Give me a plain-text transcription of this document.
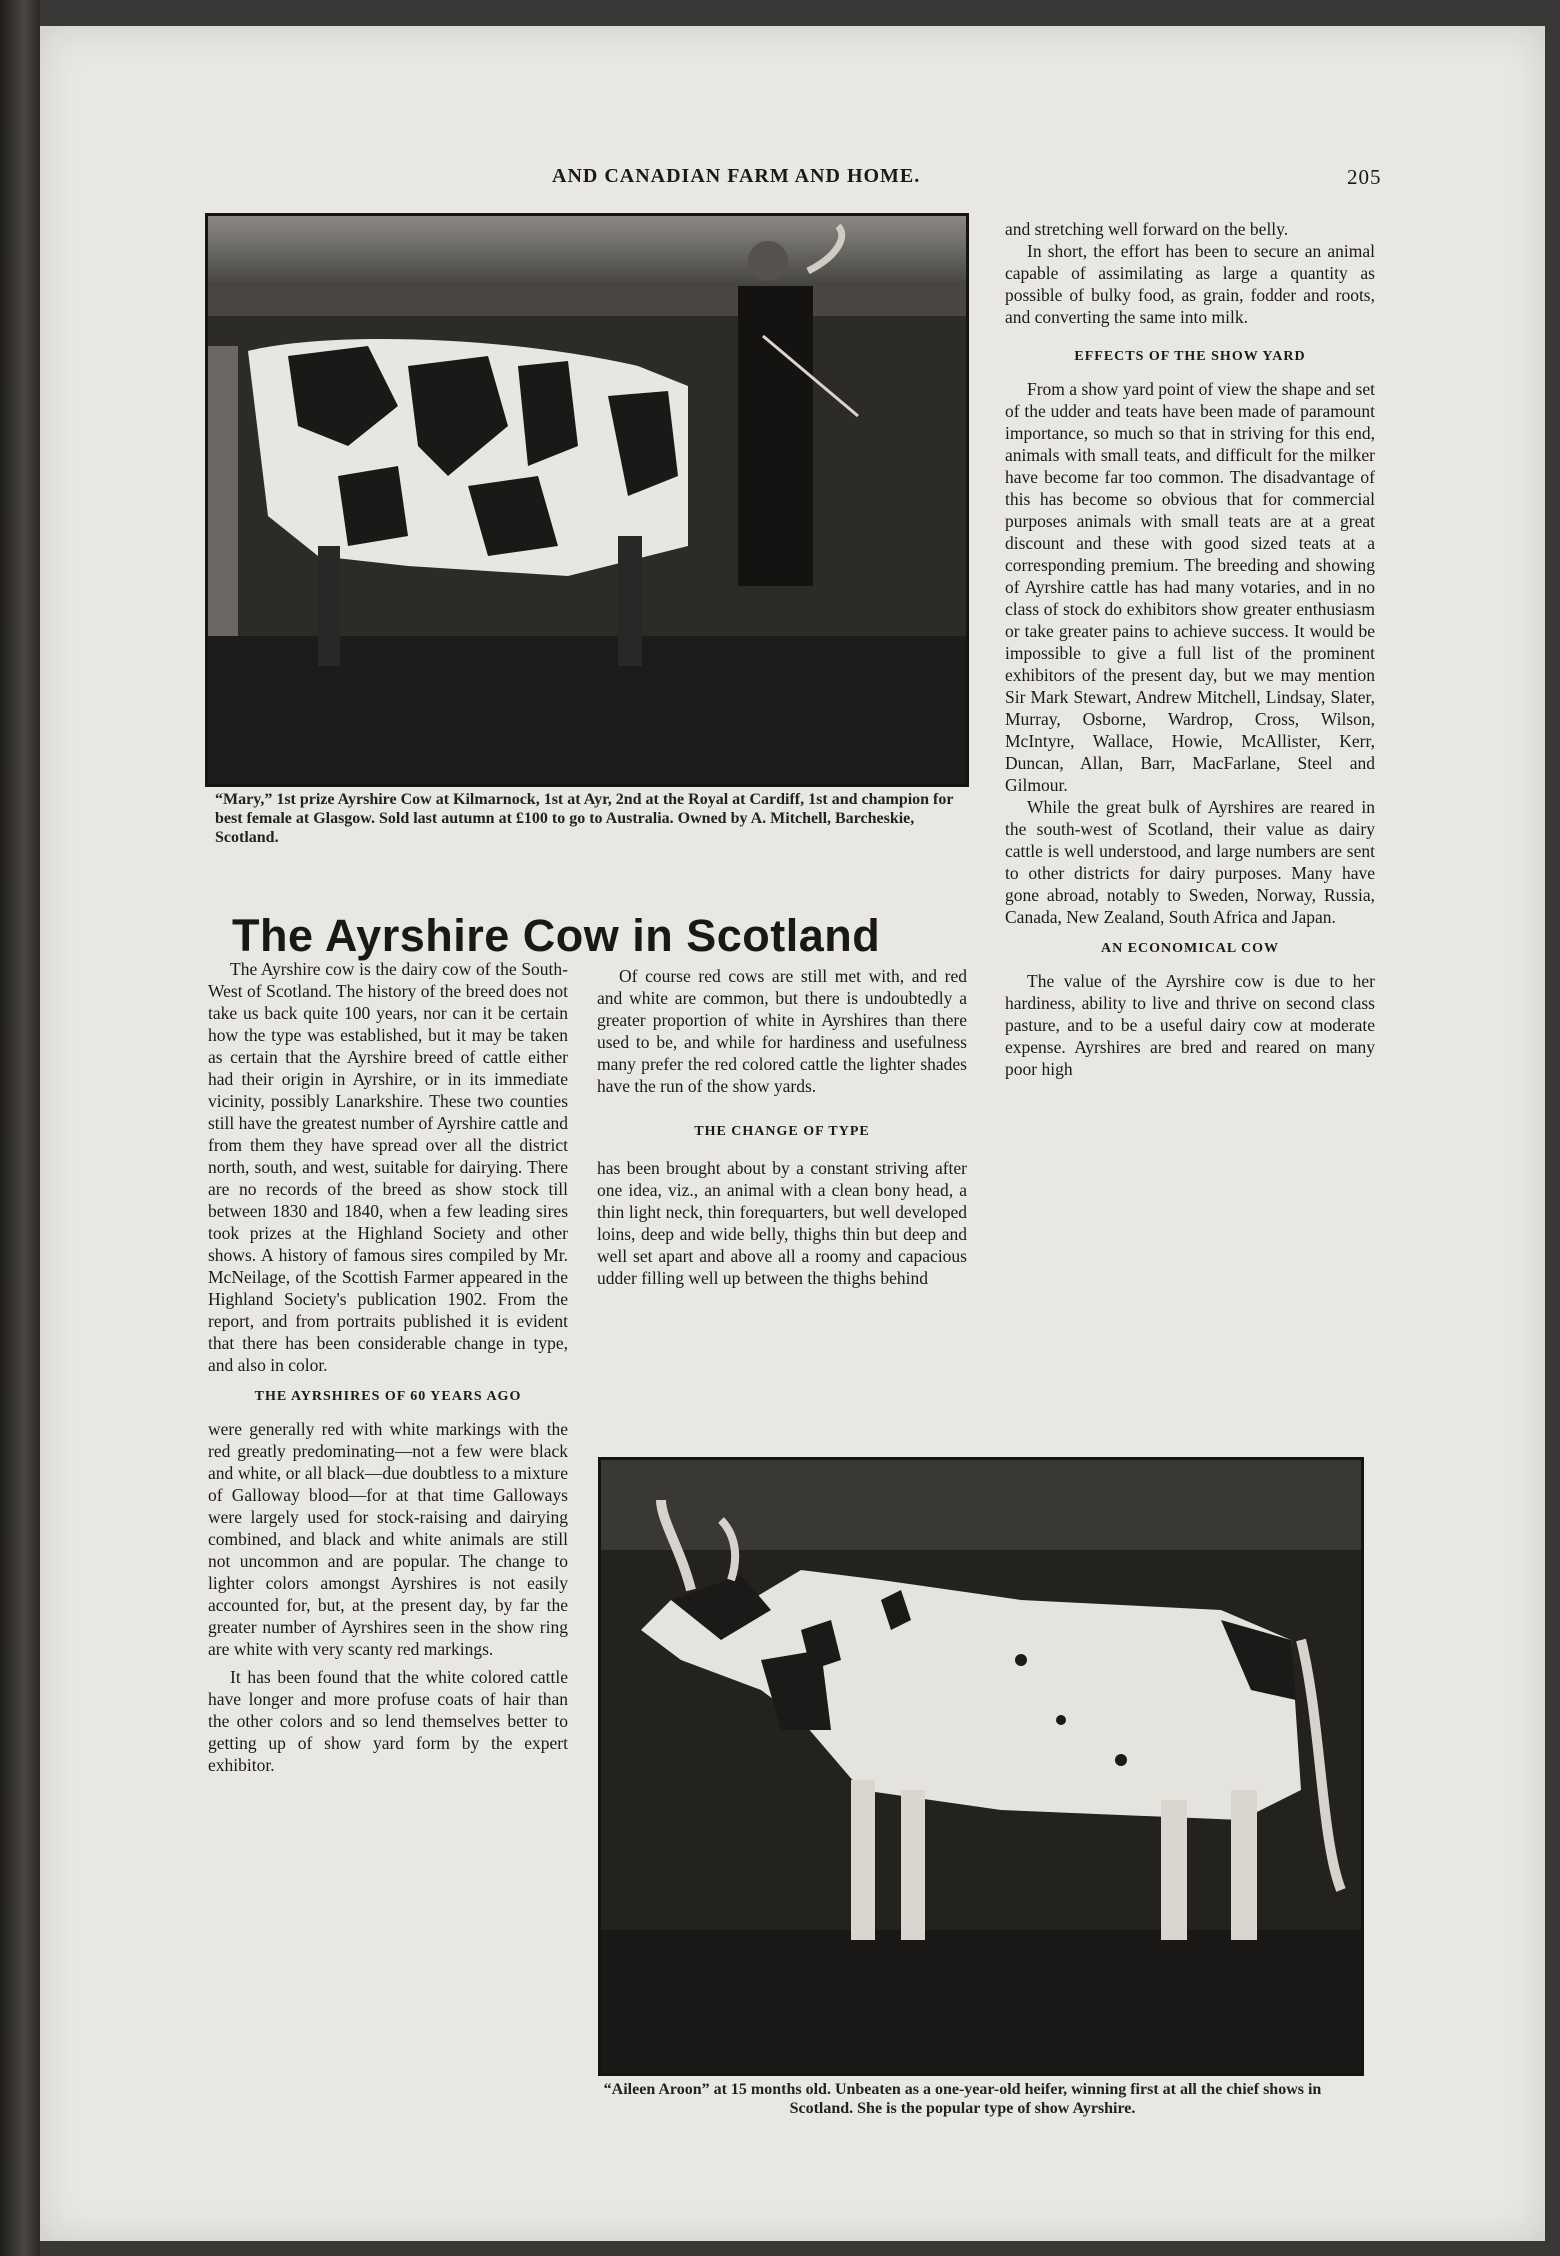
AND CANADIAN FARM AND HOME.	205
“Mary,” 1st prize Ayrshire Cow at Kilmarnock, 1st at Ayr, 2nd at the Royal at Cardiff, 1st and champion for best female at Glasgow. Sold last autumn at £100 to go to Australia. Owned by A. Mitchell, Barcheskie, Scotland.
The Ayrshire Cow in Scotland

The Ayrshire cow is the dairy cow of the South-West of Scotland. The history of the breed does not take us back quite 100 years, nor can it be certain how the type was established, but it may be taken as certain that the Ayrshire breed of cattle either had their origin in Ayrshire, or in its immediate vicinity, possibly Lanarkshire. These two counties still have the greatest number of Ayrshire cattle and from them they have spread over all the district north, south, and west, suitable for dairying. There are no records of the breed as show stock till between 1830 and 1840, when a few leading sires took prizes at the Highland Society and other shows. A history of famous sires compiled by Mr. McNeilage, of the Scottish Farmer appeared in the Highland Society's publication 1902. From the report, and from portraits published it is evident that there has been considerable change in type, and also in color.

THE AYRSHIRES OF 60 YEARS AGO

were generally red with white markings with the red greatly predominating—not a few were black and white, or all black—due doubtless to a mixture of Galloway blood—for at that time Galloways were largely used for stock-raising and dairying combined, and black and white animals are still not uncommon and are popular. The change to lighter colors amongst Ayrshires is not easily accounted for, but, at the present day, by far the greater number of Ayrshires seen in the show ring are white with very scanty red markings.

It has been found that the white colored cattle have longer and more profuse coats of hair than the other colors and so lend themselves better to getting up of show yard form by the expert exhibitor.

Of course red cows are still met with, and red and white are common, but there is undoubtedly a greater proportion of white in Ayrshires than there used to be, and while for hardiness and usefulness many prefer the red colored cattle the lighter shades have the run of the show yards.

THE CHANGE OF TYPE

has been brought about by a constant striving after one idea, viz., an animal with a clean bony head, a thin light neck, thin forequarters, but well developed loins, deep and wide belly, thighs thin but deep and well set apart and above all a roomy and capacious udder filling well up between the thighs behind

and stretching well forward on the belly.

In short, the effort has been to secure an animal capable of assimilating as large a quantity as possible of bulky food, as grain, fodder and roots, and converting the same into milk.

EFFECTS OF THE SHOW YARD

From a show yard point of view the shape and set of the udder and teats have been made of paramount importance, so much so that in striving for this end, animals with small teats, and difficult for the milker have become far too common. The disadvantage of this has become so obvious that for commercial purposes animals with small teats are at a great discount and these with good sized teats at a corresponding premium. The breeding and showing of Ayrshire cattle has had many votaries, and in no class of stock do exhibitors show greater enthusiasm or take greater pains to achieve success. It would be impossible to give a full list of the prominent exhibitors of the present day, but we may mention Sir Mark Stewart, Andrew Mitchell, Lindsay, Slater, Murray, Osborne, Wardrop, Cross, Wilson, McIntyre, Wallace, Howie, McAllister, Kerr, Duncan, Allan, Barr, MacFarlane, Steel and Gilmour.

While the great bulk of Ayrshires are reared in the south-west of Scotland, their value as dairy cattle is well understood, and large numbers are sent to other districts for dairy purposes. Many have gone abroad, notably to Sweden, Norway, Russia, Canada, New Zealand, South Africa and Japan.

AN ECONOMICAL COW

The value of the Ayrshire cow is due to her hardiness, ability to live and thrive on second class pasture, and to be a useful dairy cow at moderate expense. Ayrshires are bred and reared on many poor high

“Aileen Aroon” at 15 months old. Unbeaten as a one-year-old heifer, winning first at all the chief shows in Scotland. She is the popular type of show Ayrshire.
